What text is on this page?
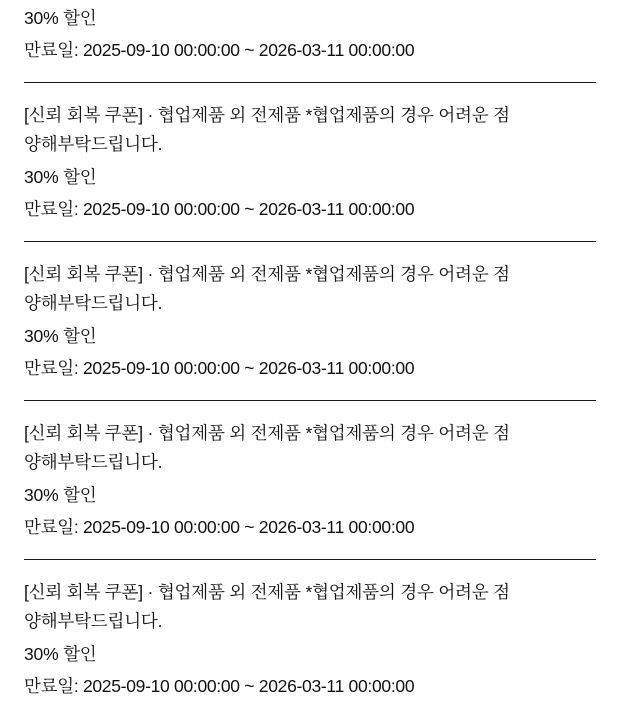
30% 할인

만료일: 2025-09-10 00:00:00 ~ 2026-03-11 00:00:00

[신뢰 회복 쿠폰] · 협업제품 외 전제품 *협업제품의 경우 어려운 점 양해부탁드립니다.

30% 할인

만료일: 2025-09-10 00:00:00 ~ 2026-03-11 00:00:00

[신뢰 회복 쿠폰] · 협업제품 외 전제품 *협업제품의 경우 어려운 점 양해부탁드립니다.

30% 할인

만료일: 2025-09-10 00:00:00 ~ 2026-03-11 00:00:00

[신뢰 회복 쿠폰] · 협업제품 외 전제품 *협업제품의 경우 어려운 점 양해부탁드립니다.

30% 할인

만료일: 2025-09-10 00:00:00 ~ 2026-03-11 00:00:00

[신뢰 회복 쿠폰] · 협업제품 외 전제품 *협업제품의 경우 어려운 점 양해부탁드립니다.

30% 할인

만료일: 2025-09-10 00:00:00 ~ 2026-03-11 00:00:00
